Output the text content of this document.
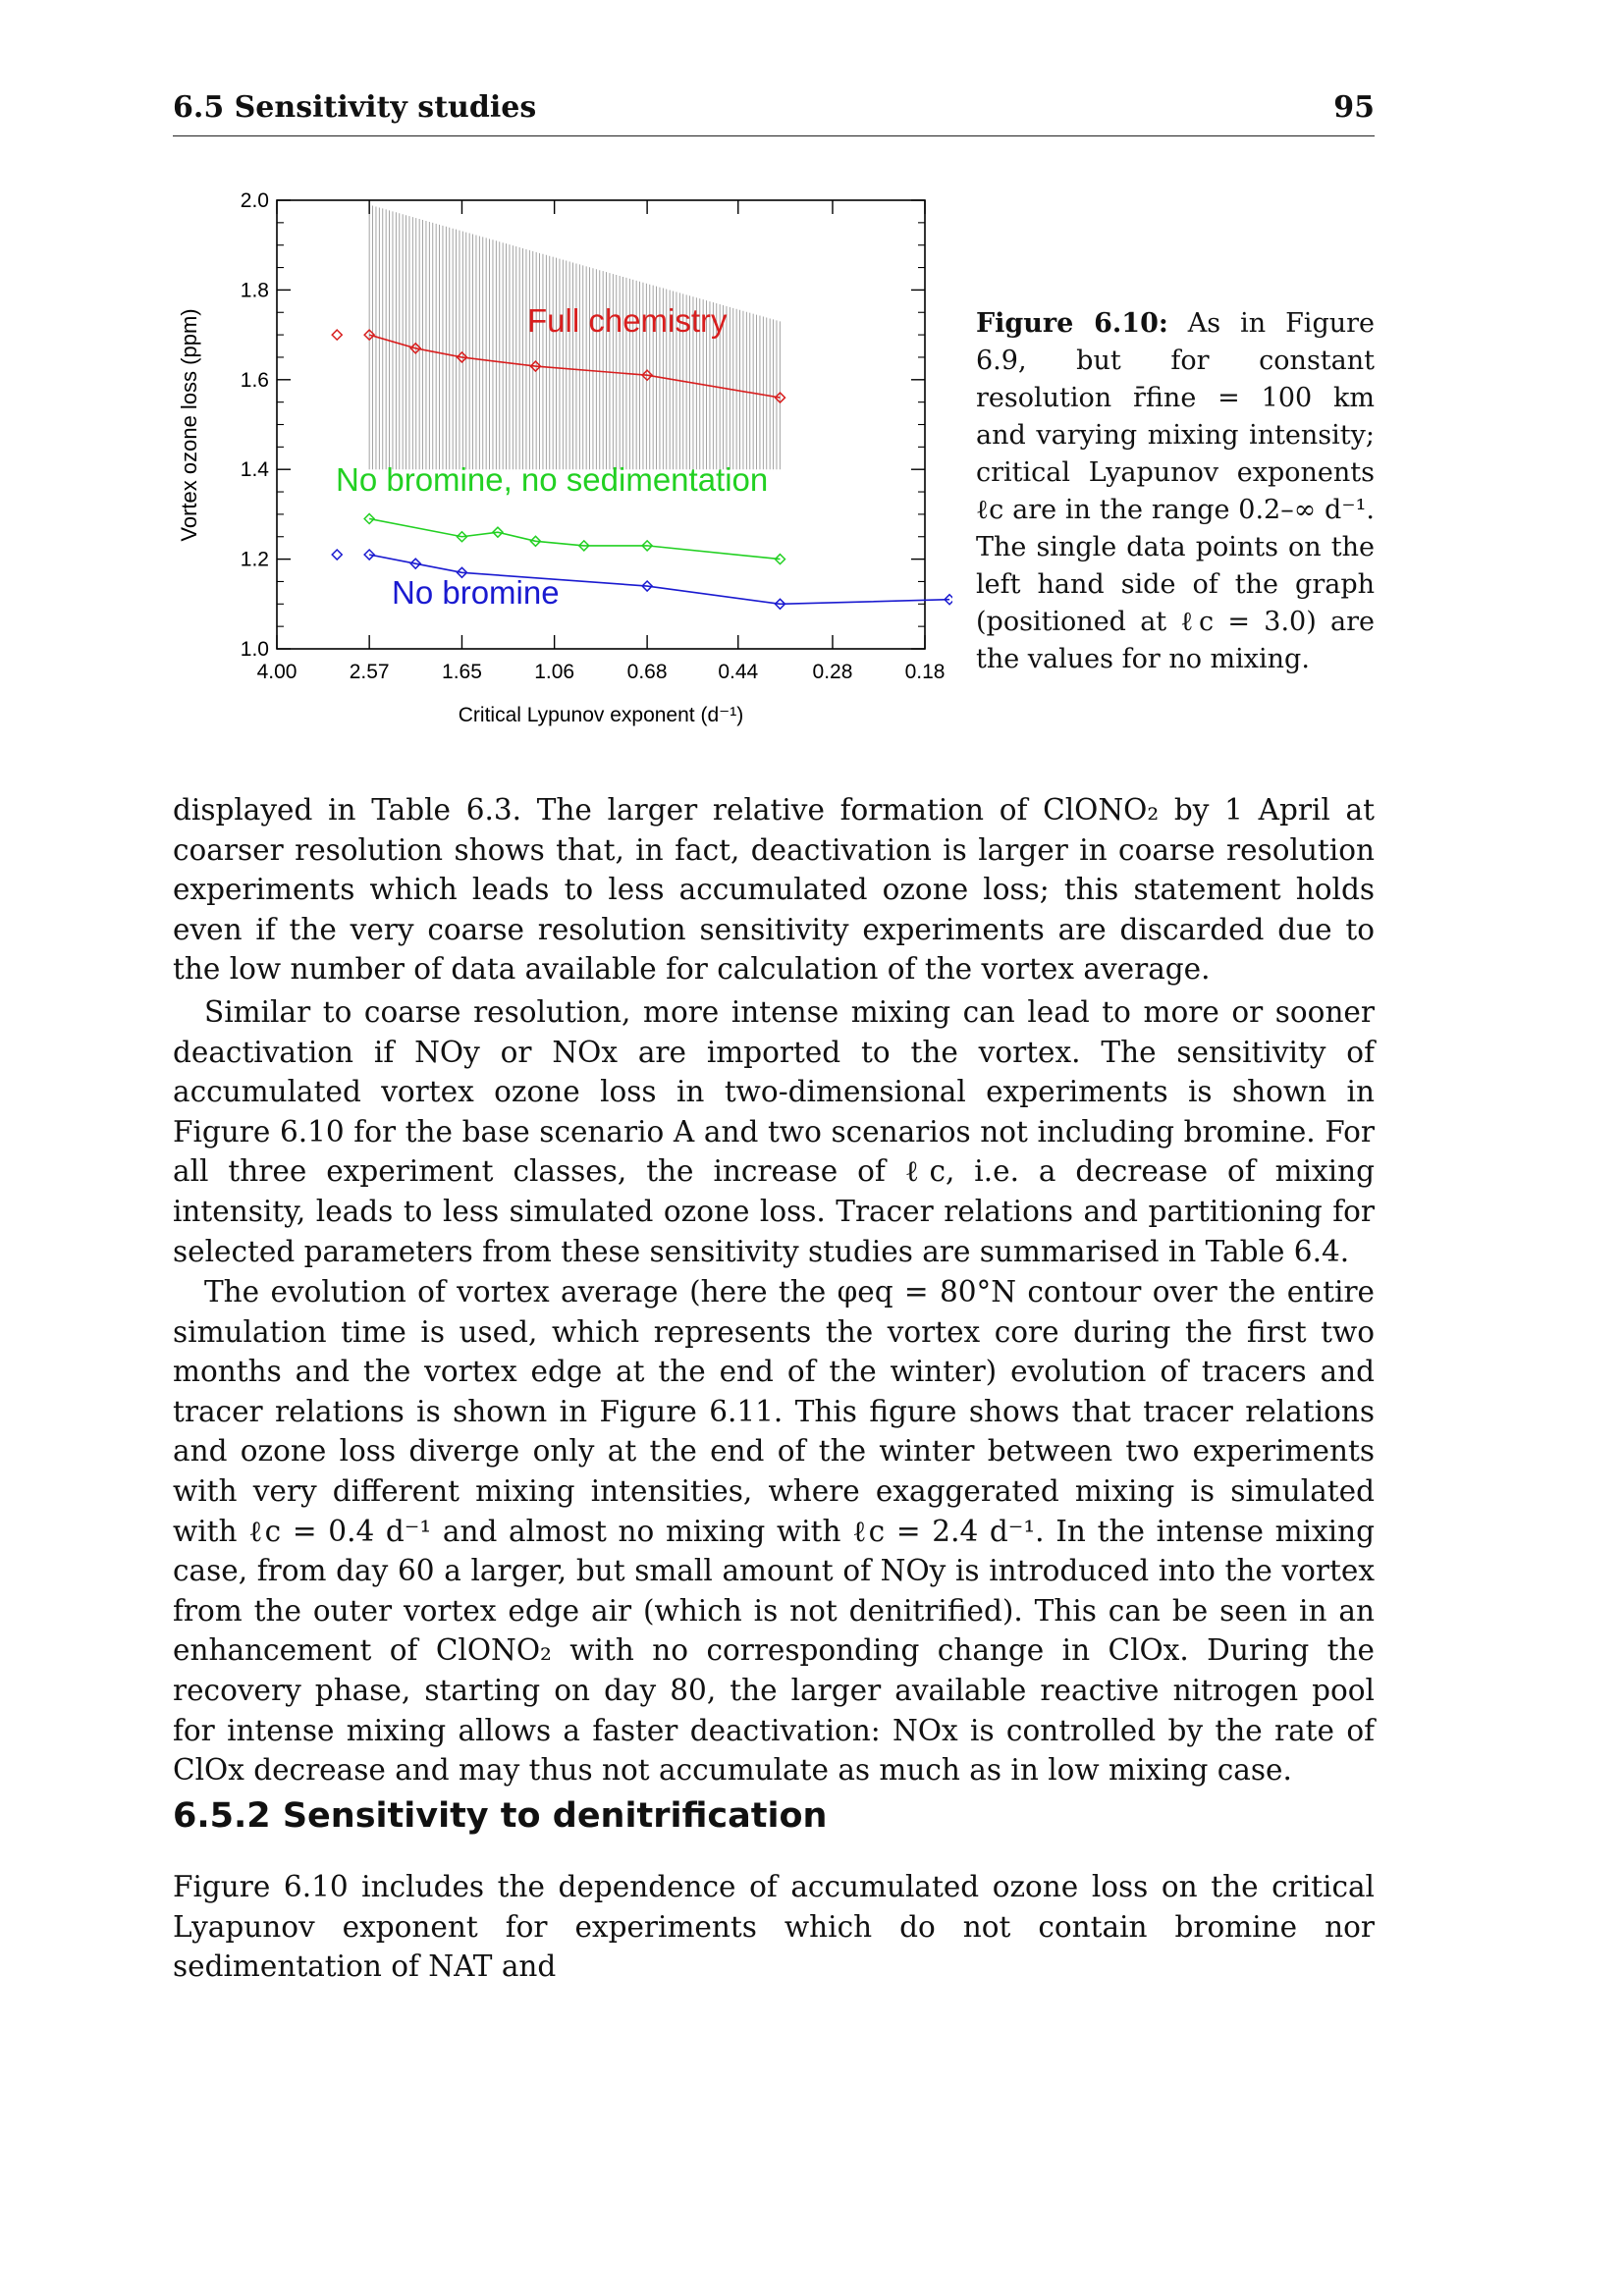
6.5 Sensitivity studies	95
1.0
1.2
1.4
1.6
1.8
2.0
4.00	2.57	1.65	1.06	0.68 0.44	0.28	0.18
Vortex ozone loss (ppm)
Critical Lypunov exponent (d⁻¹)
Full chemistry
No bromine, no sedimentation
No bromine
Figure 6.10: As in Figure 6.9, but for constant resolution r̄fine = 100 km and varying mixing intensity; critical Lyapunov exponents ℓc are in the range 0.2–∞ d⁻¹. The single data points on the left hand side of the graph (positioned at ℓc = 3.0) are the values for no mixing.

displayed in Table 6.3. The larger relative formation of ClONO₂ by 1 April at coarser resolution shows that, in fact, deactivation is larger in coarse resolution experiments which leads to less accumulated ozone loss; this statement holds even if the very coarse resolution sensitivity experiments are discarded due to the low number of data available for calculation of the vortex average.

Similar to coarse resolution, more intense mixing can lead to more or sooner deactivation if NOy or NOx are imported to the vortex. The sensitivity of accumulated vortex ozone loss in two-dimensional experiments is shown in Figure 6.10 for the base scenario A and two scenarios not including bromine. For all three experiment classes, the increase of ℓc, i.e. a decrease of mixing intensity, leads to less simulated ozone loss. Tracer relations and partitioning for selected parameters from these sensitivity studies are summarised in Table 6.4.

The evolution of vortex average (here the φeq = 80°N contour over the entire simulation time is used, which represents the vortex core during the first two months and the vortex edge at the end of the winter) evolution of tracers and tracer relations is shown in Figure 6.11. This figure shows that tracer relations and ozone loss diverge only at the end of the winter between two experiments with very different mixing intensities, where exaggerated mixing is simulated with ℓc = 0.4 d⁻¹ and almost no mixing with ℓc = 2.4 d⁻¹. In the intense mixing case, from day 60 a larger, but small amount of NOy is introduced into the vortex from the outer vortex edge air (which is not denitrified). This can be seen in an enhancement of ClONO₂ with no corresponding change in ClOx. During the recovery phase, starting on day 80, the larger available reactive nitrogen pool for intense mixing allows a faster deactivation: NOx is controlled by the rate of ClOx decrease and may thus not accumulate as much as in low mixing case.

6.5.2 Sensitivity to denitrification

Figure 6.10 includes the dependence of accumulated ozone loss on the critical Lyapunov exponent for experiments which do not contain bromine nor sedimentation of NAT and
